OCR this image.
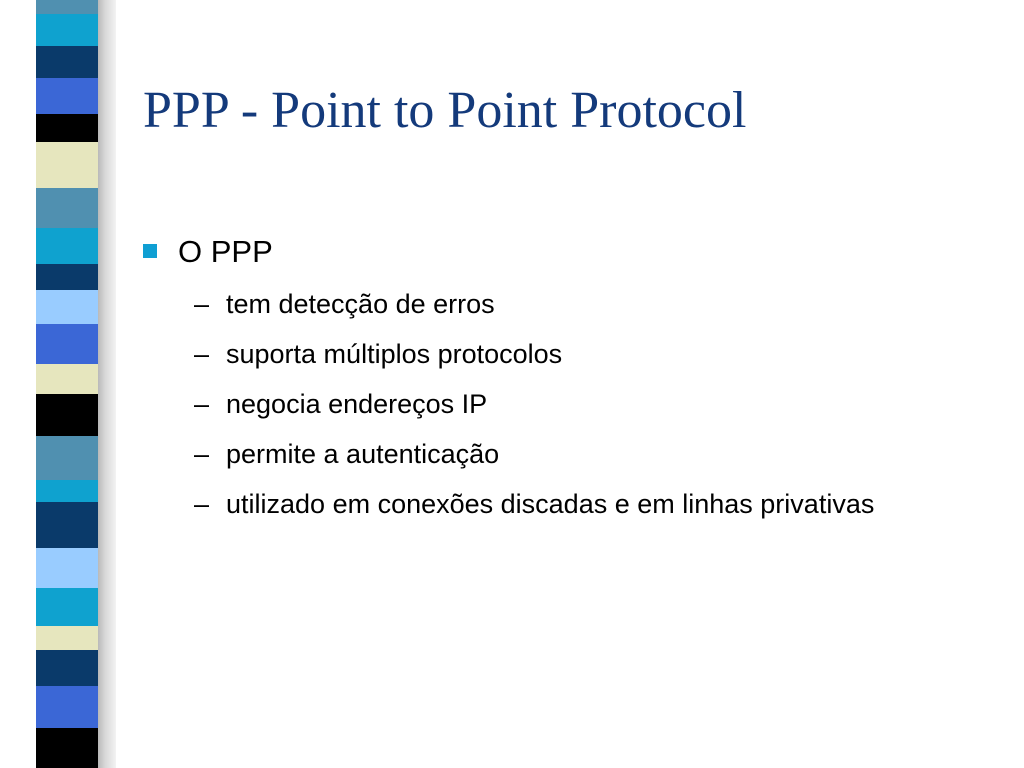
PPP - Point to Point Protocol
O PPP
– tem detecção de erros
– suporta múltiplos protocolos
– negocia endereços IP
– permite a autenticação
– utilizado em conexões discadas e em linhas privativas
